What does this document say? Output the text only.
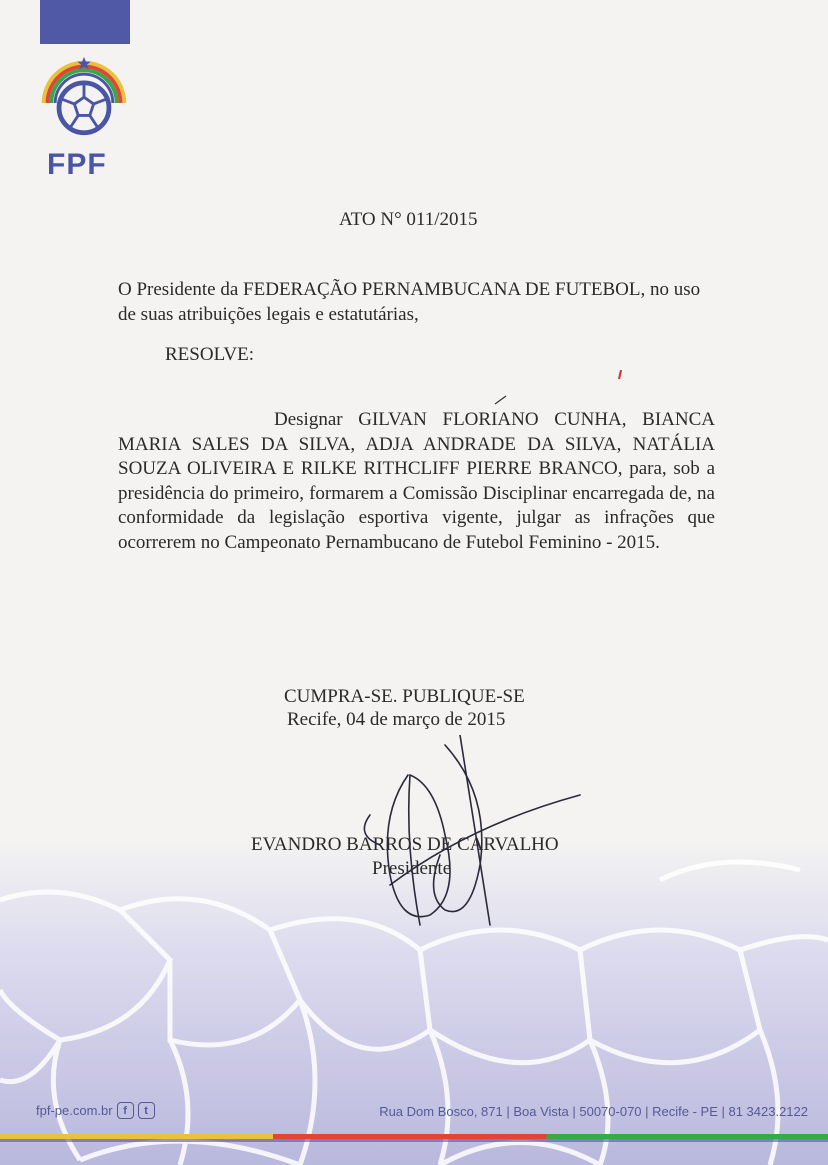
FPF
ATO N° 011/2015
O Presidente da FEDERAÇÃO PERNAMBUCANA DE FUTEBOL, no uso de suas atribuições legais e estatutárias,
RESOLVE:
Designar GILVAN FLORIANO CUNHA, BIANCA MARIA SALES DA SILVA, ADJA ANDRADE DA SILVA, NATÁLIA SOUZA OLIVEIRA E RILKE RITHCLIFF PIERRE BRANCO, para, sob a presidência do primeiro, formarem a Comissão Disciplinar encarregada de, na conformidade da legislação esportiva vigente, julgar as infrações que ocorrerem no Campeonato Pernambucano de Futebol Feminino - 2015.
CUMPRA-SE. PUBLIQUE-SE
Recife, 04 de março de 2015
EVANDRO BARROS DE CARVALHO
Presidente
fpf-pe.com.br f	t	Rua Dom Bosco, 871 | Boa Vista | 50070-070 | Recife - PE | 81 3423.2122
